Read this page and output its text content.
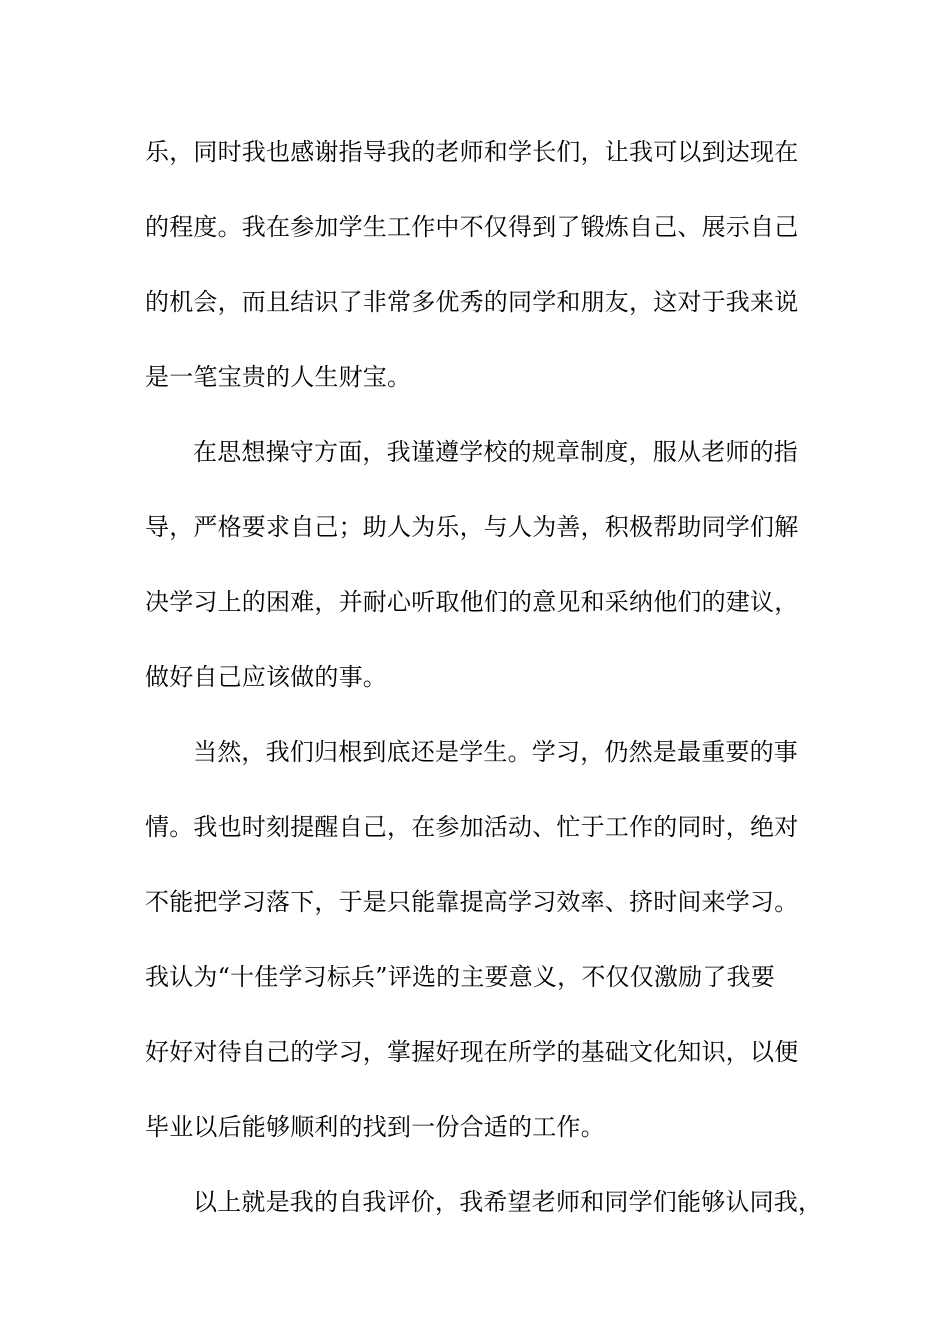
乐，同时我也感谢指导我的老师和学长们，让我可以到达现在
的程度。我在参加学生工作中不仅得到了锻炼自己、展示自己
的机会，而且结识了非常多优秀的同学和朋友，这对于我来说
是一笔宝贵的人生财宝。
在思想操守方面，我谨遵学校的规章制度，服从老师的指
导，严格要求自己；助人为乐，与人为善，积极帮助同学们解
决学习上的困难，并耐心听取他们的意见和采纳他们的建议，
做好自己应该做的事。
当然，我们归根到底还是学生。学习，仍然是最重要的事
情。我也时刻提醒自己，在参加活动、忙于工作的同时，绝对
不能把学习落下，于是只能靠提高学习效率、挤时间来学习。
我认为“十佳学习标兵”评选的主要意义，不仅仅激励了我要
好好对待自己的学习，掌握好现在所学的基础文化知识，以便
毕业以后能够顺利的找到一份合适的工作。
以上就是我的自我评价，我希望老师和同学们能够认同我，
